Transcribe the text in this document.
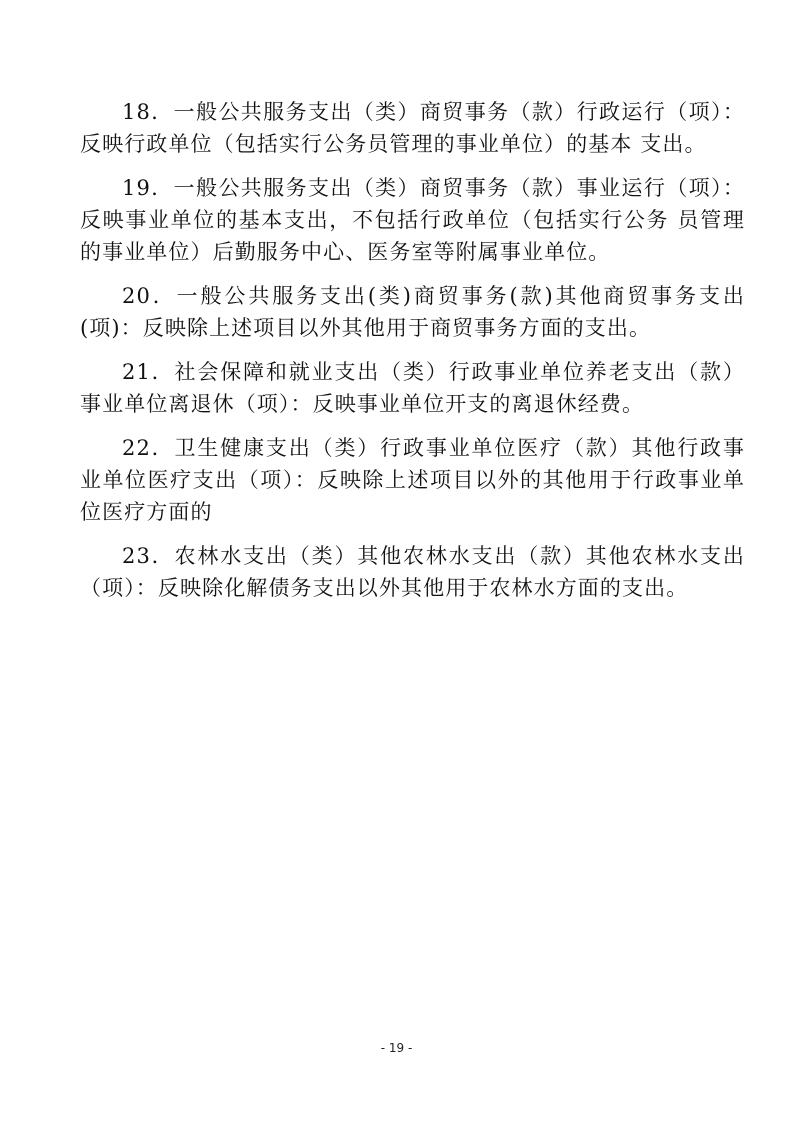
18．一般公共服务支出（类）商贸事务（款）行政运行（项）：反映行政单位（包括实行公务员管理的事业单位）的基本 支出。

19．一般公共服务支出（类）商贸事务（款）事业运行（项）：反映事业单位的基本支出，不包括行政单位（包括实行公务 员管理的事业单位）后勤服务中心、医务室等附属事业单位。

20．一般公共服务支出(类)商贸事务(款)其他商贸事务支出(项)：反映除上述项目以外其他用于商贸事务方面的支出。

21．社会保障和就业支出（类）行政事业单位养老支出（款）事业单位离退休（项）：反映事业单位开支的离退休经费。

22．卫生健康支出（类）行政事业单位医疗（款）其他行政事业单位医疗支出（项）：反映除上述项目以外的其他用于行政事业单位医疗方面的

23．农林水支出（类）其他农林水支出（款）其他农林水支出（项）：反映除化解债务支出以外其他用于农林水方面的支出。

- 19 -
